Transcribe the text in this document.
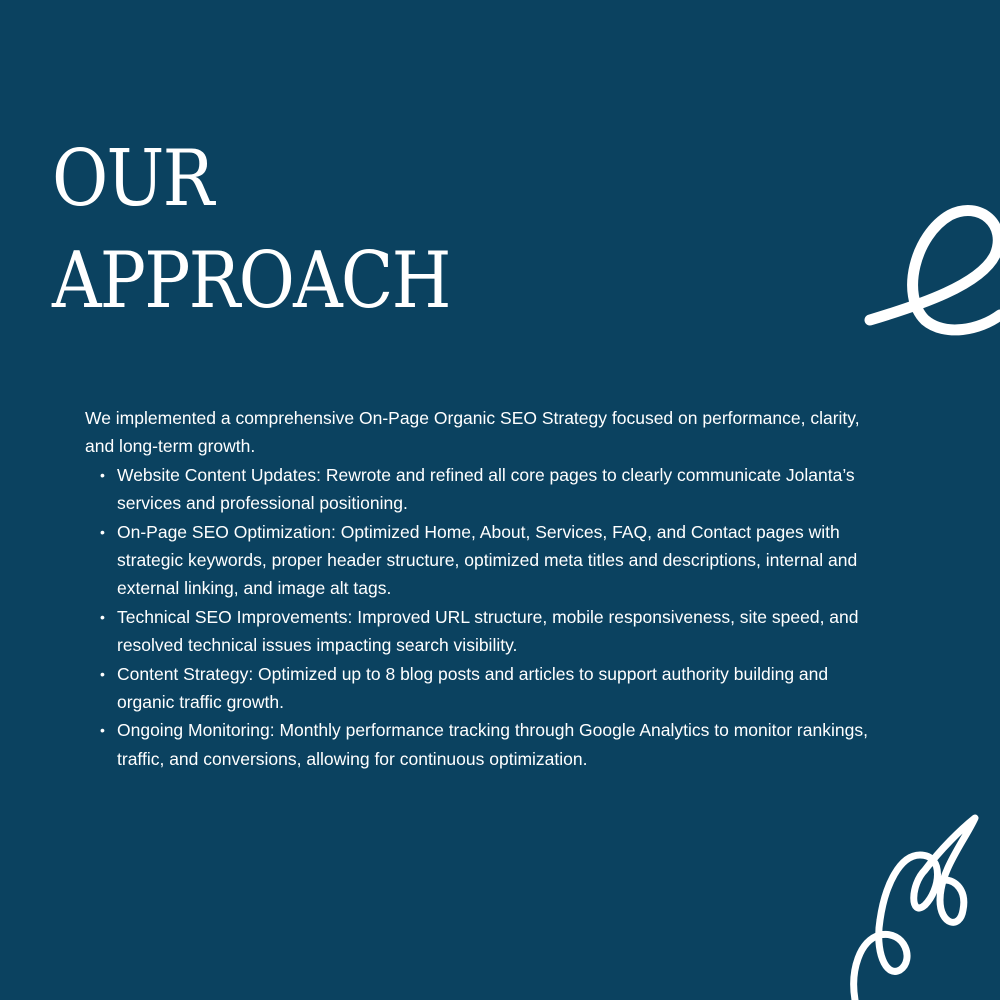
OUR
APPROACH

We implemented a comprehensive On-Page Organic SEO Strategy focused on performance, clarity, and long-term growth.

• Website Content Updates: Rewrote and refined all core pages to clearly communicate Jolanta’s services and professional positioning.
• On-Page SEO Optimization: Optimized Home, About, Services, FAQ, and Contact pages with strategic keywords, proper header structure, optimized meta titles and descriptions, internal and external linking, and image alt tags.
• Technical SEO Improvements: Improved URL structure, mobile responsiveness, site speed, and resolved technical issues impacting search visibility.
• Content Strategy: Optimized up to 8 blog posts and articles to support authority building and organic traffic growth.
• Ongoing Monitoring: Monthly performance tracking through Google Analytics to monitor rankings, traffic, and conversions, allowing for continuous optimization.
